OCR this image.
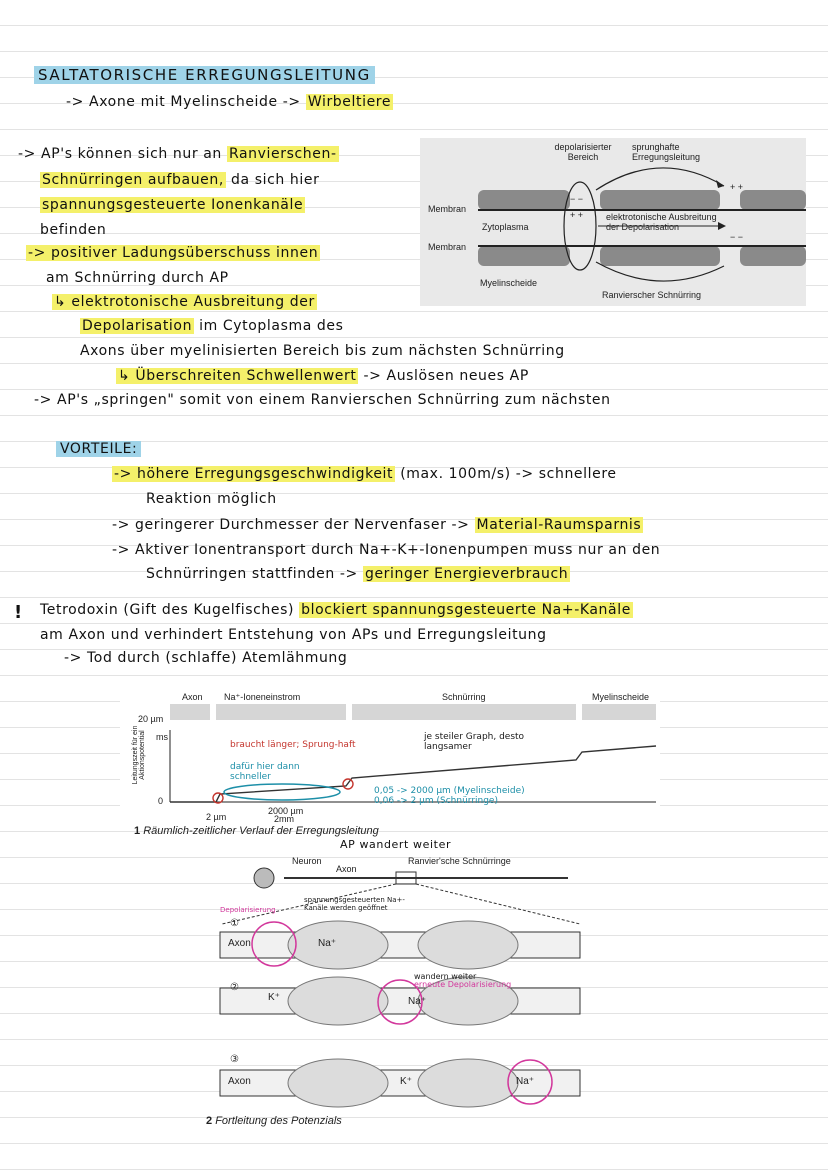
SALTATORISCHE ERREGUNGSLEITUNG
-> Axone mit Myelinscheide -> Wirbeltiere
-> AP's können sich nur an Ranvierschen-
Schnürringen aufbauen, da sich hier
spannungsgesteuerte Ionenkanäle
befinden
-> positiver Ladungsüberschuss innen
am Schnürring durch AP
↳ elektrotonische Ausbreitung der
Depolarisation im Cytoplasma des
Axons über myelinisierten Bereich bis zum nächsten Schnürring
↳ Überschreiten Schwellenwert -> Auslösen neues AP
-> AP's „springen" somit von einem Ranvierschen Schnürring zum nächsten
depolarisierter Bereich
sprunghafte Erregungsleitung
Membran
Membran
Zytoplasma
elektrotonische Ausbreitung der Depolarisation
Myelinscheide
Ranvierscher Schnürring
+ +
− −
+ +
− −
VORTEILE:
-> höhere Erregungsgeschwindigkeit (max. 100m/s) -> schnellere
Reaktion möglich
-> geringerer Durchmesser der Nervenfaser -> Material-Raumsparnis
-> Aktiver Ionentransport durch Na+-K+-Ionenpumpen muss nur an den
Schnürringen stattfinden -> geringer Energieverbrauch
! Tetrodoxin (Gift des Kugelfisches) blockiert spannungsgesteuerte Na+-Kanäle
am Axon und verhindert Entstehung von APs und Erregungsleitung
-> Tod durch (schlaffe) Atemlähmung
Axon Na⁺-Ioneneinstrom	Schnürring	Myelinscheide
20 µm
ms
0
Leitungszeit für ein Aktionspotential
2 µm
2000 µm
2mm
braucht länger; Sprung-haft
dafür hier dann schneller
je steiler Graph, desto langsamer
0,05 -> 2000 µm (Myelinscheide)
0,06 -> 2 µm (Schnürringe)
1 Räumlich-zeitlicher Verlauf der Erregungsleitung
AP wandert weiter
Neuron
Axon
Ranvier'sche Schnürringe
Depolarisierung
spannungsgesteuerten Na+-Kanäle werden geöffnet
①
Axon	Na⁺
wandern weiter
erneute Depolarisierung
②
K⁺	Na⁺
③
Axon	K⁺	Na⁺
2 Fortleitung des Potenzials
